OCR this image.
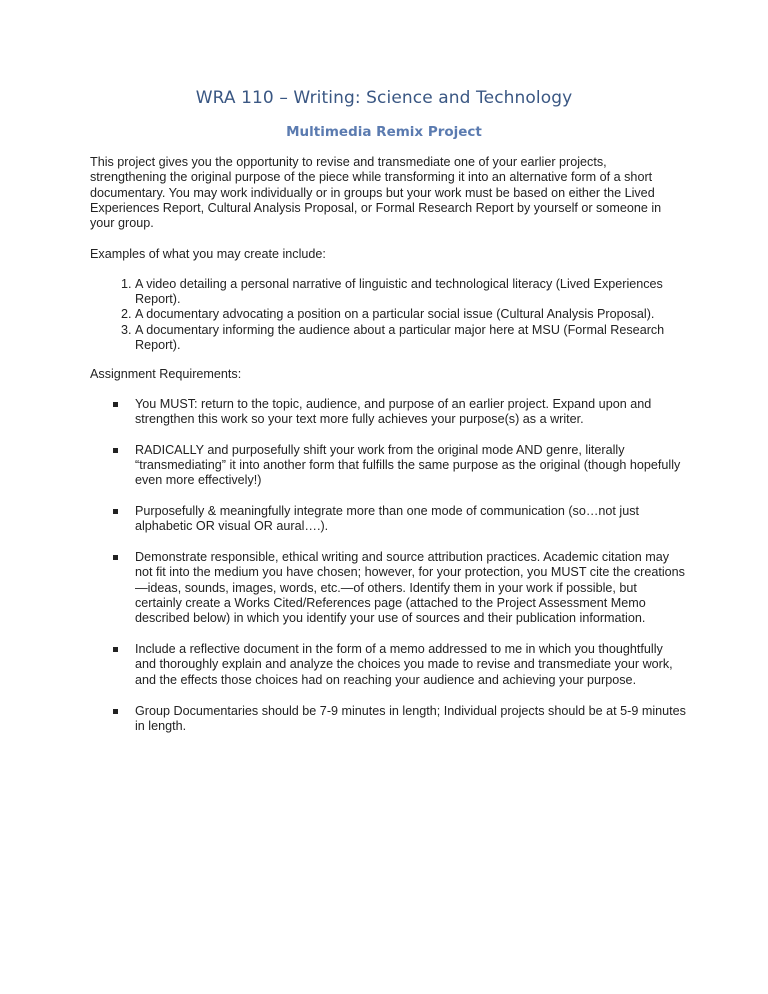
WRA 110 – Writing: Science and Technology
Multimedia Remix Project

This project gives you the opportunity to revise and transmediate one of your earlier projects, strengthening the original purpose of the piece while transforming it into an alternative form of a short documentary. You may work individually or in groups but your work must be based on either the Lived Experiences Report, Cultural Analysis Proposal, or Formal Research Report by yourself or someone in your group.

Examples of what you may create include:

1. A video detailing a personal narrative of linguistic and technological literacy (Lived Experiences Report).
2. A documentary advocating a position on a particular social issue (Cultural Analysis Proposal).
3. A documentary informing the audience about a particular major here at MSU (Formal Research Report).

Assignment Requirements:

You MUST: return to the topic, audience, and purpose of an earlier project. Expand upon and strengthen this work so your text more fully achieves your purpose(s) as a writer.
RADICALLY and purposefully shift your work from the original mode AND genre, literally “transmediating” it into another form that fulfills the same purpose as the original (though hopefully even more effectively!)
Purposefully & meaningfully integrate more than one mode of communication (so…not just alphabetic OR visual OR aural….).
Demonstrate responsible, ethical writing and source attribution practices. Academic citation may not fit into the medium you have chosen; however, for your protection, you MUST cite the creations—ideas, sounds, images, words, etc.—of others. Identify them in your work if possible, but certainly create a Works Cited/References page (attached to the Project Assessment Memo described below) in which you identify your use of sources and their publication information.
Include a reflective document in the form of a memo addressed to me in which you thoughtfully and thoroughly explain and analyze the choices you made to revise and transmediate your work, and the effects those choices had on reaching your audience and achieving your purpose.
Group Documentaries should be 7-9 minutes in length; Individual projects should be at 5-9 minutes in length.
